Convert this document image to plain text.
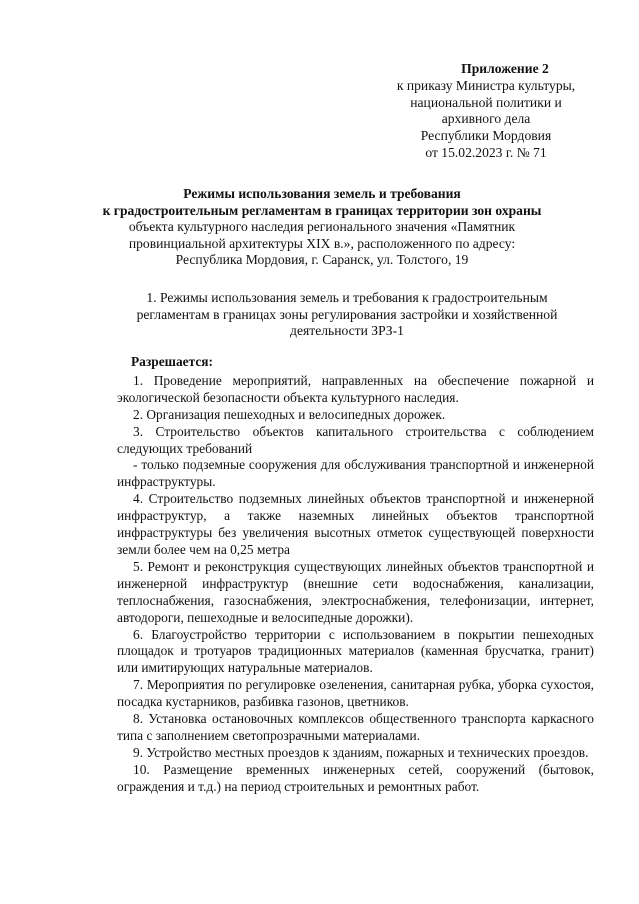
Приложение 2
к приказу Министра культуры,
национальной политики и
архивного дела
Республики Мордовия
от 15.02.2023 г. № 71
Режимы использования земель и требования
к градостроительным регламентам в границах территории зон охраны
объекта культурного наследия регионального значения «Памятник
провинциальной архитектуры XIX в.», расположенного по адресу:
Республика Мордовия, г. Саранск, ул. Толстого, 19
1. Режимы использования земель и требования к градостроительным регламентам в границах зоны регулирования застройки и хозяйственной деятельности ЗРЗ-1

Разрешается:

1. Проведение мероприятий, направленных на обеспечение пожарной и экологической безопасности объекта культурного наследия.

2. Организация пешеходных и велосипедных дорожек.

3. Строительство объектов капитального строительства с соблюдением следующих требований

- только подземные сооружения для обслуживания транспортной и инженерной инфраструктуры.

4. Строительство подземных линейных объектов транспортной и инженерной инфраструктур, а также наземных линейных объектов транспортной инфраструктуры без увеличения высотных отметок существующей поверхности земли более чем на 0,25 метра

5. Ремонт и реконструкция существующих линейных объектов транспортной и инженерной инфраструктур (внешние сети водоснабжения, канализации, теплоснабжения, газоснабжения, электроснабжения, телефонизации, интернет, автодороги, пешеходные и велосипедные дорожки).

6. Благоустройство территории с использованием в покрытии пешеходных площадок и тротуаров традиционных материалов (каменная брусчатка, гранит) или имитирующих натуральные материалов.

7. Мероприятия по регулировке озеленения, санитарная рубка, уборка сухостоя, посадка кустарников, разбивка газонов, цветников.

8. Установка остановочных комплексов общественного транспорта каркасного типа с заполнением светопрозрачными материалами.

9. Устройство местных проездов к зданиям, пожарных и технических проездов.

10. Размещение временных инженерных сетей, сооружений (бытовок, ограждения и т.д.) на период строительных и ремонтных работ.
